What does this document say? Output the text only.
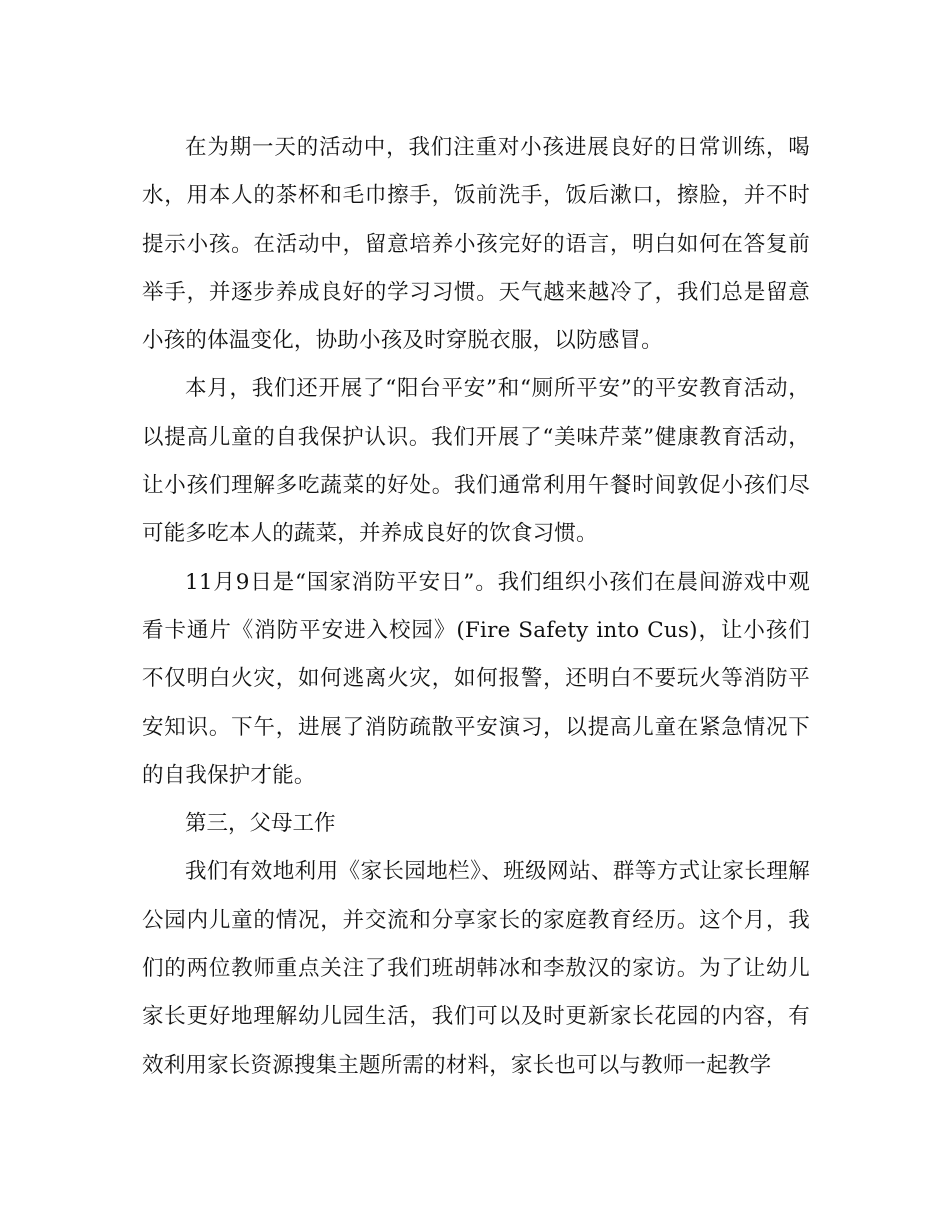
在为期一天的活动中，我们注重对小孩进展良好的日常训练，喝水，用本人的茶杯和毛巾擦手，饭前洗手，饭后漱口，擦脸，并不时提示小孩。在活动中，留意培养小孩完好的语言，明白如何在答复前举手，并逐步养成良好的学习习惯。天气越来越冷了，我们总是留意小孩的体温变化，协助小孩及时穿脱衣服，以防感冒。

本月，我们还开展了“阳台平安”和“厕所平安”的平安教育活动，以提高儿童的自我保护认识。我们开展了“美味芹菜”健康教育活动，让小孩们理解多吃蔬菜的好处。我们通常利用午餐时间敦促小孩们尽可能多吃本人的蔬菜，并养成良好的饮食习惯。

11月9日是“国家消防平安日”。我们组织小孩们在晨间游戏中观看卡通片《消防平安进入校园》(Fire Safety into Cus)，让小孩们不仅明白火灾，如何逃离火灾，如何报警，还明白不要玩火等消防平安知识。下午，进展了消防疏散平安演习，以提高儿童在紧急情况下的自我保护才能。

第三，父母工作

我们有效地利用《家长园地栏》、班级网站、群等方式让家长理解公园内儿童的情况，并交流和分享家长的家庭教育经历。这个月，我们的两位教师重点关注了我们班胡韩冰和李敖汉的家访。为了让幼儿家长更好地理解幼儿园生活，我们可以及时更新家长花园的内容，有效利用家长资源搜集主题所需的材料，家长也可以与教师一起教学
